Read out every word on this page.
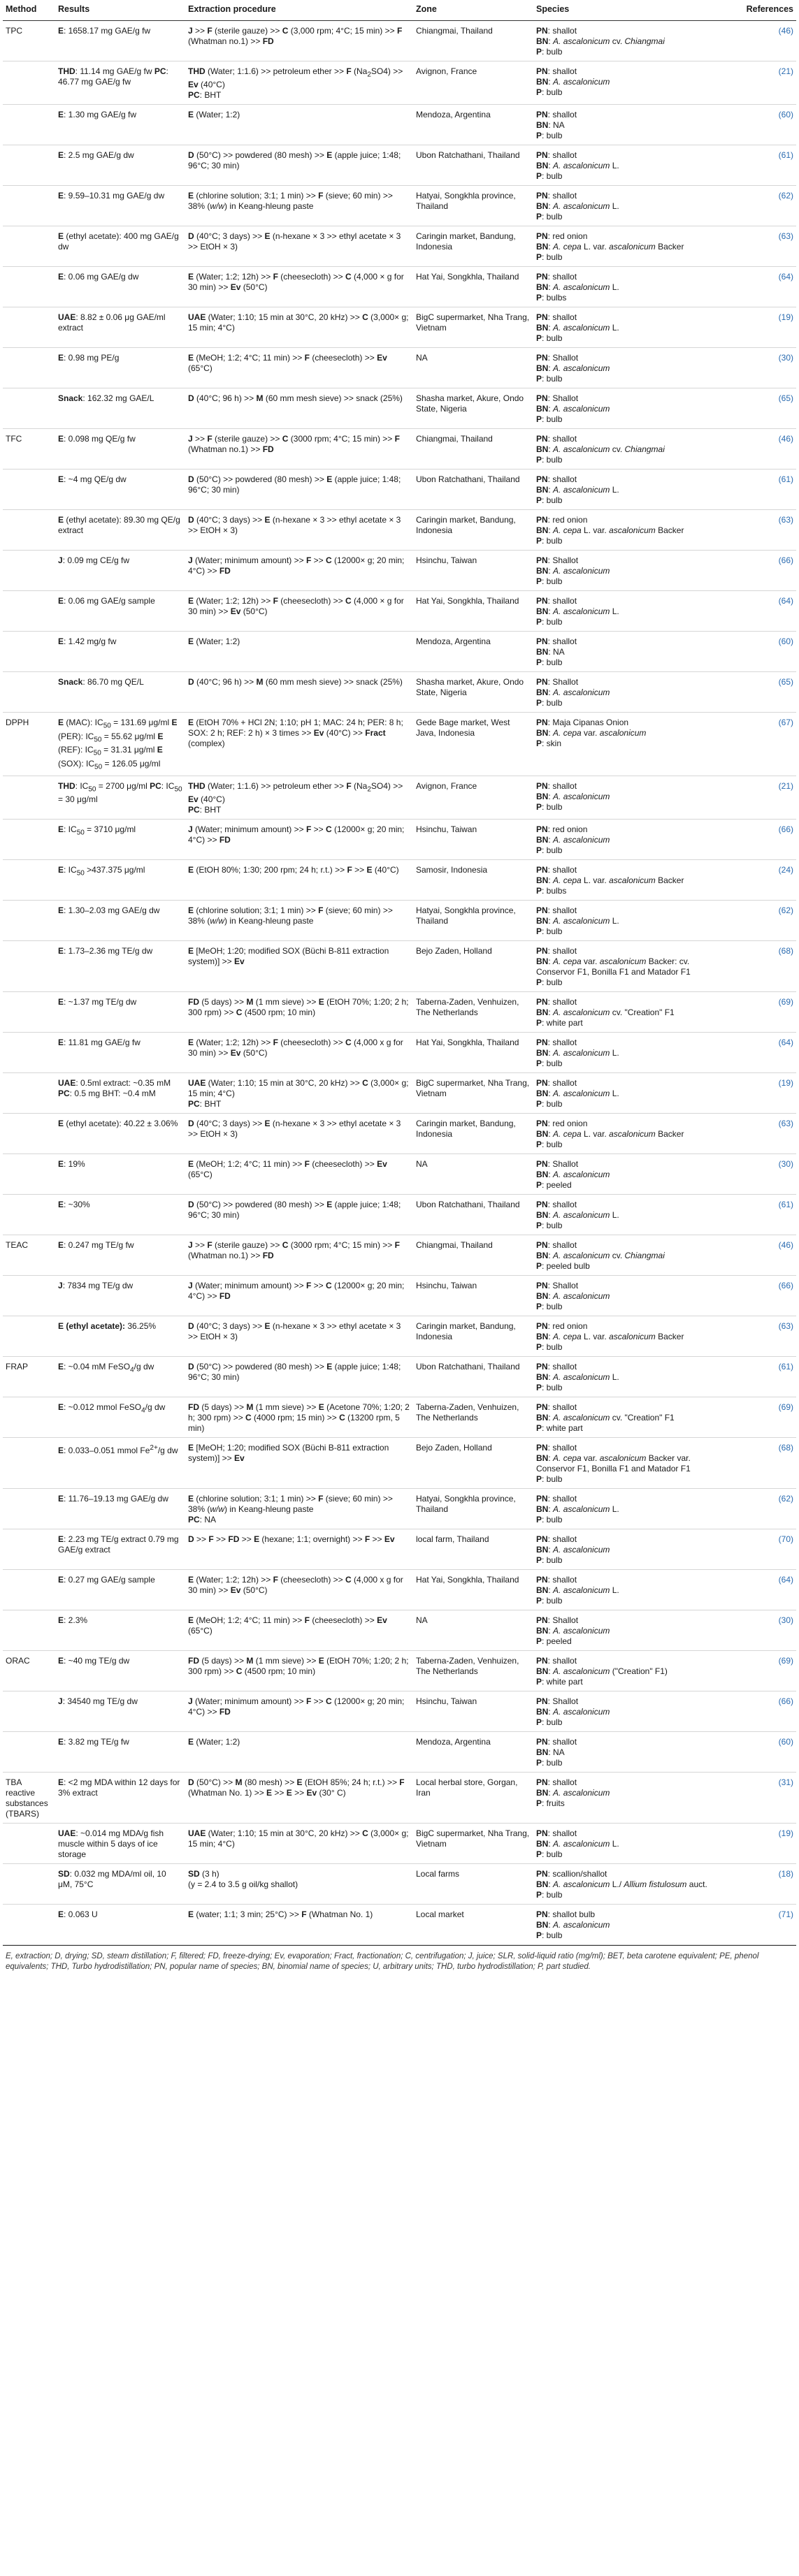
Method	Results	Extraction procedure	Zone	Species	References
TPC	E: 1658.17 mg GAE/g fw	J >> F (sterile gauze) >> C (3,000 rpm; 4°C; 15 min) >> F (Whatman no.1) >> FD	Chiangmai, Thailand	PN: shallot
BN: A. ascalonicum cv. Chiangmai
P: bulb	(46)
	THD: 11.14 mg GAE/g fw PC: 46.77 mg GAE/g fw	THD (Water; 1:1.6) >> petroleum ether >> F $(Na_2SO4) >> Ev$ (40°C)
PC: BHT	Avignon, France	PN: shallot
BN: A. ascalonicum
P: bulb	(21)
	E: 1.30 mg GAE/g fw	E (Water; 1:2)	Mendoza, Argentina	PN: shallot
BN: NA
P: bulb	(60)
	E: 2.5 mg GAE/g dw	D (50°C) >> powdered (80 mesh) >> E (apple juice; 1:48; 96°C; 30 min)	Ubon Ratchathani, Thailand	PN: shallot
BN: A. ascalonicum L.
P: bulb	(61)
	E: 9.59–10.31 mg GAE/g dw	E (chlorine solution; 3:1; 1 min) >> F (sieve; 60 min) >> 38% (w/w) in Keang-hleung paste	Hatyai, Songkhla province, Thailand	PN: shallot
BN: A. ascalonicum L.
P: bulb	(62)
	E (ethyl acetate): 400 mg GAE/g dw	D (40°C; 3 days) >> E (n-hexane × 3 >> ethyl acetate × 3 >> EtOH × 3)	Caringin market, Bandung, Indonesia	PN: red onion
BN: A. cepa L. var. ascalonicum Backer
P: bulb	(63)
	E: 0.06 mg GAE/g dw	E (Water; 1:2; 12h) >> F (cheesecloth) >> C (4,000 × g for 30 min) >> Ev (50°C)	Hat Yai, Songkhla, Thailand	PN: shallot
BN: A. ascalonicum L.
P: bulbs	(64)
	UAE: 8.82 ± 0.06 μg GAE/ml extract	UAE (Water; 1:10; 15 min at 30°C, 20 kHz) >> C (3,000× g; 15 min; 4°C)	BigC supermarket, Nha Trang, Vietnam	PN: shallot
BN: A. ascalonicum L.
P: bulb	(19)
	E: 0.98 mg PE/g	E (MeOH; 1:2; 4°C; 11 min) >> F (cheesecloth) >> Ev (65°C)	NA	PN: Shallot
BN: A. ascalonicum
P: bulb	(30)
	Snack: 162.32 mg GAE/L	D (40°C; 96 h) >> M (60 mm mesh sieve) >> snack (25%)	Shasha market, Akure, Ondo State, Nigeria	PN: Shallot
BN: A. ascalonicum
P: bulb	(65)
TFC	E: 0.098 mg QE/g fw	J >> F (sterile gauze) >> C (3000 rpm; 4°C; 15 min) >> F (Whatman no.1) >> FD	Chiangmai, Thailand	PN: shallot
BN: A. ascalonicum cv. Chiangmai
P: bulb	(46)
	E: ~4 mg QE/g dw	D (50°C) >> powdered (80 mesh) >> E (apple juice; 1:48; 96°C; 30 min)	Ubon Ratchathani, Thailand	PN: shallot
BN: A. ascalonicum L.
P: bulb	(61)
	E (ethyl acetate): 89.30 mg QE/g extract	D (40°C; 3 days) >> E (n-hexane × 3 >> ethyl acetate × 3 >> EtOH × 3)	Caringin market, Bandung, Indonesia	PN: red onion
BN: A. cepa L. var. ascalonicum Backer
P: bulb	(63)
	J: 0.09 mg CE/g fw	J (Water; minimum amount) >> F >> C (12000× g; 20 min; 4°C) >> FD	Hsinchu, Taiwan	PN: Shallot
BN: A. ascalonicum
P: bulb	(66)
	E: 0.06 mg GAE/g sample	E (Water; 1:2; 12h) >> F (cheesecloth) >> C (4,000 × g for 30 min) >> Ev (50°C)	Hat Yai, Songkhla, Thailand	PN: shallot
BN: A. ascalonicum L.
P: bulb	(64)
	E: 1.42 mg/g fw	E (Water; 1:2)	Mendoza, Argentina	PN: shallot
BN: NA
P: bulb	(60)
	Snack: 86.70 mg QE/L	D (40°C; 96 h) >> M (60 mm mesh sieve) >> snack (25%)	Shasha market, Akure, Ondo State, Nigeria	PN: Shallot
BN: A. ascalonicum
P: bulb	(65)
DPPH	E (MAC): $IC_{50} = 131.69$ μg/ml E (PER): $IC_{50} = 55.62$ μg/ml E (REF): $IC_{50} = 31.31$ μg/ml E (SOX): $IC_{50} = 126.05$ μg/ml	E (EtOH 70% + HCl 2N; 1:10; pH 1; MAC: 24 h; PER: 8 h; SOX: 2 h; REF: 2 h) × 3 times >> Ev (40°C) >> Fract (complex)	Gede Bage market, West Java, Indonesia	PN: Maja Cipanas Onion
BN: A. cepa var. ascalonicum
P: skin	(67)
	THD: $IC_{50} = 2700$ μg/ml PC: $IC_{50} = 30$ μg/ml	THD (Water; 1:1.6) >> petroleum ether >> F $(Na_2SO4) >> Ev$ (40°C)
PC: BHT	Avignon, France	PN: shallot
BN: A. ascalonicum
P: bulb	(21)
	E: $IC_{50} = 3710$ μg/ml	J (Water; minimum amount) >> F >> C (12000× g; 20 min; 4°C) >> FD	Hsinchu, Taiwan	PN: red onion
BN: A. ascalonicum
P: bulb	(66)
	E: $IC_{50} >437.375$ μg/ml	E (EtOH 80%; 1:30; 200 rpm; 24 h; r.t.) >> F >> E (40°C)	Samosir, Indonesia	PN: shallot
BN: A. cepa L. var. ascalonicum Backer
P: bulbs	(24)
	E: 1.30–2.03 mg GAE/g dw	E (chlorine solution; 3:1; 1 min) >> F (sieve; 60 min) >> 38% (w/w) in Keang-hleung paste	Hatyai, Songkhla province, Thailand	PN: shallot
BN: A. ascalonicum L.
P: bulb	(62)
	E: 1.73–2.36 mg TE/g dw	E [MeOH; 1:20; modified SOX (Büchi B-811 extraction system)] >> Ev	Bejo Zaden, Holland	PN: shallot
BN: A. cepa var. ascalonicum Backer: cv. Conservor F1, Bonilla F1 and Matador F1
P: bulb	(68)
	E: ~1.37 mg TE/g dw	FD (5 days) >> M (1 mm sieve) >> E (EtOH 70%; 1:20; 2 h; 300 rpm) >> C (4500 rpm; 10 min)	Taberna-Zaden, Venhuizen, The Netherlands	PN: shallot
BN: A. ascalonicum cv. "Creation" F1
P: white part	(69)
	E: 11.81 mg GAE/g fw	E (Water; 1:2; 12h) >> F (cheesecloth) >> C (4,000 x g for 30 min) >> Ev (50°C)	Hat Yai, Songkhla, Thailand	PN: shallot
BN: A. ascalonicum L.
P: bulb	(64)
	UAE: 0.5ml extract: ~0.35 mM PC: 0.5 mg BHT: ~0.4 mM	UAE (Water; 1:10; 15 min at 30°C, 20 kHz) >> C (3,000× g; 15 min; 4°C)
PC: BHT	BigC supermarket, Nha Trang, Vietnam	PN: shallot
BN: A. ascalonicum L.
P: bulb	(19)
	E (ethyl acetate): 40.22 ± 3.06%	D (40°C; 3 days) >> E (n-hexane × 3 >> ethyl acetate × 3 >> EtOH × 3)	Caringin market, Bandung, Indonesia	PN: red onion
BN: A. cepa L. var. ascalonicum Backer
P: bulb	(63)
	E: 19%	E (MeOH; 1:2; 4°C; 11 min) >> F (cheesecloth) >> Ev (65°C)	NA	PN: Shallot
BN: A. ascalonicum
P: peeled	(30)
	E: ~30%	D (50°C) >> powdered (80 mesh) >> E (apple juice; 1:48; 96°C; 30 min)	Ubon Ratchathani, Thailand	PN: shallot
BN: A. ascalonicum L.
P: bulb	(61)
TEAC	E: 0.247 mg TE/g fw	J >> F (sterile gauze) >> C (3000 rpm; 4°C; 15 min) >> F (Whatman no.1) >> FD	Chiangmai, Thailand	PN: shallot
BN: A. ascalonicum cv. Chiangmai
P: peeled bulb	(46)
	J: 7834 mg TE/g dw	J (Water; minimum amount) >> F >> C (12000× g; 20 min; 4°C) >> FD	Hsinchu, Taiwan	PN: Shallot
BN: A. ascalonicum
P: bulb	(66)
	E (ethyl acetate): 36.25%	D (40°C; 3 days) >> E (n-hexane × 3 >> ethyl acetate × 3 >> EtOH × 3)	Caringin market, Bandung, Indonesia	PN: red onion
BN: A. cepa L. var. ascalonicum Backer
P: bulb	(63)
FRAP	E: ~0.04 mM FeSO$_4$/g dw	D (50°C) >> powdered (80 mesh) >> E (apple juice; 1:48; 96°C; 30 min)	Ubon Ratchathani, Thailand	PN: shallot
BN: A. ascalonicum L.
P: bulb	(61)
	E: ~0.012 mmol FeSO$_4$/g dw	FD (5 days) >> M (1 mm sieve) >> E (Acetone 70%; 1:20; 2 h; 300 rpm) >> C (4000 rpm; 15 min) >> C (13200 rpm, 5 min)	Taberna-Zaden, Venhuizen, The Netherlands	PN: shallot
BN: A. ascalonicum cv. "Creation" F1
P: white part	(69)
	E: 0.033–0.051 mmol $Fe^{2+}/g$ dw	E [MeOH; 1:20; modified SOX (Büchi B-811 extraction system)] >> Ev	Bejo Zaden, Holland	PN: shallot
BN: A. cepa var. ascalonicum Backer var. Conservor F1, Bonilla F1 and Matador F1
P: bulb	(68)
	E: 11.76–19.13 mg GAE/g dw	E (chlorine solution; 3:1; 1 min) >> F (sieve; 60 min) >> 38% (w/w) in Keang-hleung paste
PC: NA	Hatyai, Songkhla province, Thailand	PN: shallot
BN: A. ascalonicum L.
P: bulb	(62)
	E: 2.23 mg TE/g extract 0.79 mg GAE/g extract	D >> F >> FD >> E (hexane; 1:1; overnight) >> F >> Ev	local farm, Thailand	PN: shallot
BN: A. ascalonicum
P: bulb	(70)
	E: 0.27 mg GAE/g sample	E (Water; 1:2; 12h) >> F (cheesecloth) >> C (4,000 x g for 30 min) >> Ev (50°C)	Hat Yai, Songkhla, Thailand	PN: shallot
BN: A. ascalonicum L.
P: bulb	(64)
	E: 2.3%	E (MeOH; 1:2; 4°C; 11 min) >> F (cheesecloth) >> Ev (65°C)	NA	PN: Shallot
BN: A. ascalonicum
P: peeled	(30)
ORAC	E: ~40 mg TE/g dw	FD (5 days) >> M (1 mm sieve) >> E (EtOH 70%; 1:20; 2 h; 300 rpm) >> C (4500 rpm; 10 min)	Taberna-Zaden, Venhuizen, The Netherlands	PN: shallot
BN: A. ascalonicum ("Creation" F1)
P: white part	(69)
	J: 34540 mg TE/g dw	J (Water; minimum amount) >> F >> C (12000× g; 20 min; 4°C) >> FD	Hsinchu, Taiwan	PN: Shallot
BN: A. ascalonicum
P: bulb	(66)
	E: 3.82 mg TE/g fw	E (Water; 1:2)	Mendoza, Argentina	PN: shallot
BN: NA
P: bulb	(60)
TBA reactive substances (TBARS)	E: <2 mg MDA within 12 days for 3% extract	D (50°C) >> M (80 mesh) >> E (EtOH 85%; 24 h; r.t.) >> F (Whatman No. 1) >> E >> E >> Ev (30° C)	Local herbal store, Gorgan, Iran	PN: shallot
BN: A. ascalonicum
P: fruits	(31)
	UAE: ~0.014 mg MDA/g fish muscle within 5 days of ice storage	UAE (Water; 1:10; 15 min at 30°C, 20 kHz) >> C (3,000× g; 15 min; 4°C)	BigC supermarket, Nha Trang, Vietnam	PN: shallot
BN: A. ascalonicum L.
P: bulb	(19)
	SD: 0.032 mg MDA/ml oil, 10 μM, 75°C	SD (3 h)
(y = 2.4 to 3.5 g oil/kg shallot)	Local farms	PN: scallion/shallot
BN: A. ascalonicum L./ Allium fistulosum auct.
P: bulb	(18)
	E: 0.063 U	E (water; 1:1; 3 min; 25°C) >> F (Whatman No. 1)	Local market	PN: shallot bulb
BN: A. ascalonicum
P: bulb	(71)
E, extraction; D, drying; SD, steam distillation; F, filtered; FD, freeze-drying; Ev, evaporation; Fract, fractionation; C, centrifugation; J, juice; SLR, solid-liquid ratio (mg/ml); BET, beta carotene equivalent; PE, phenol equivalents; THD, Turbo hydrodistillation; PN, popular name of species; BN, binomial name of species; U, arbitrary units; THD, turbo hydrodistillation; P, part studied.
